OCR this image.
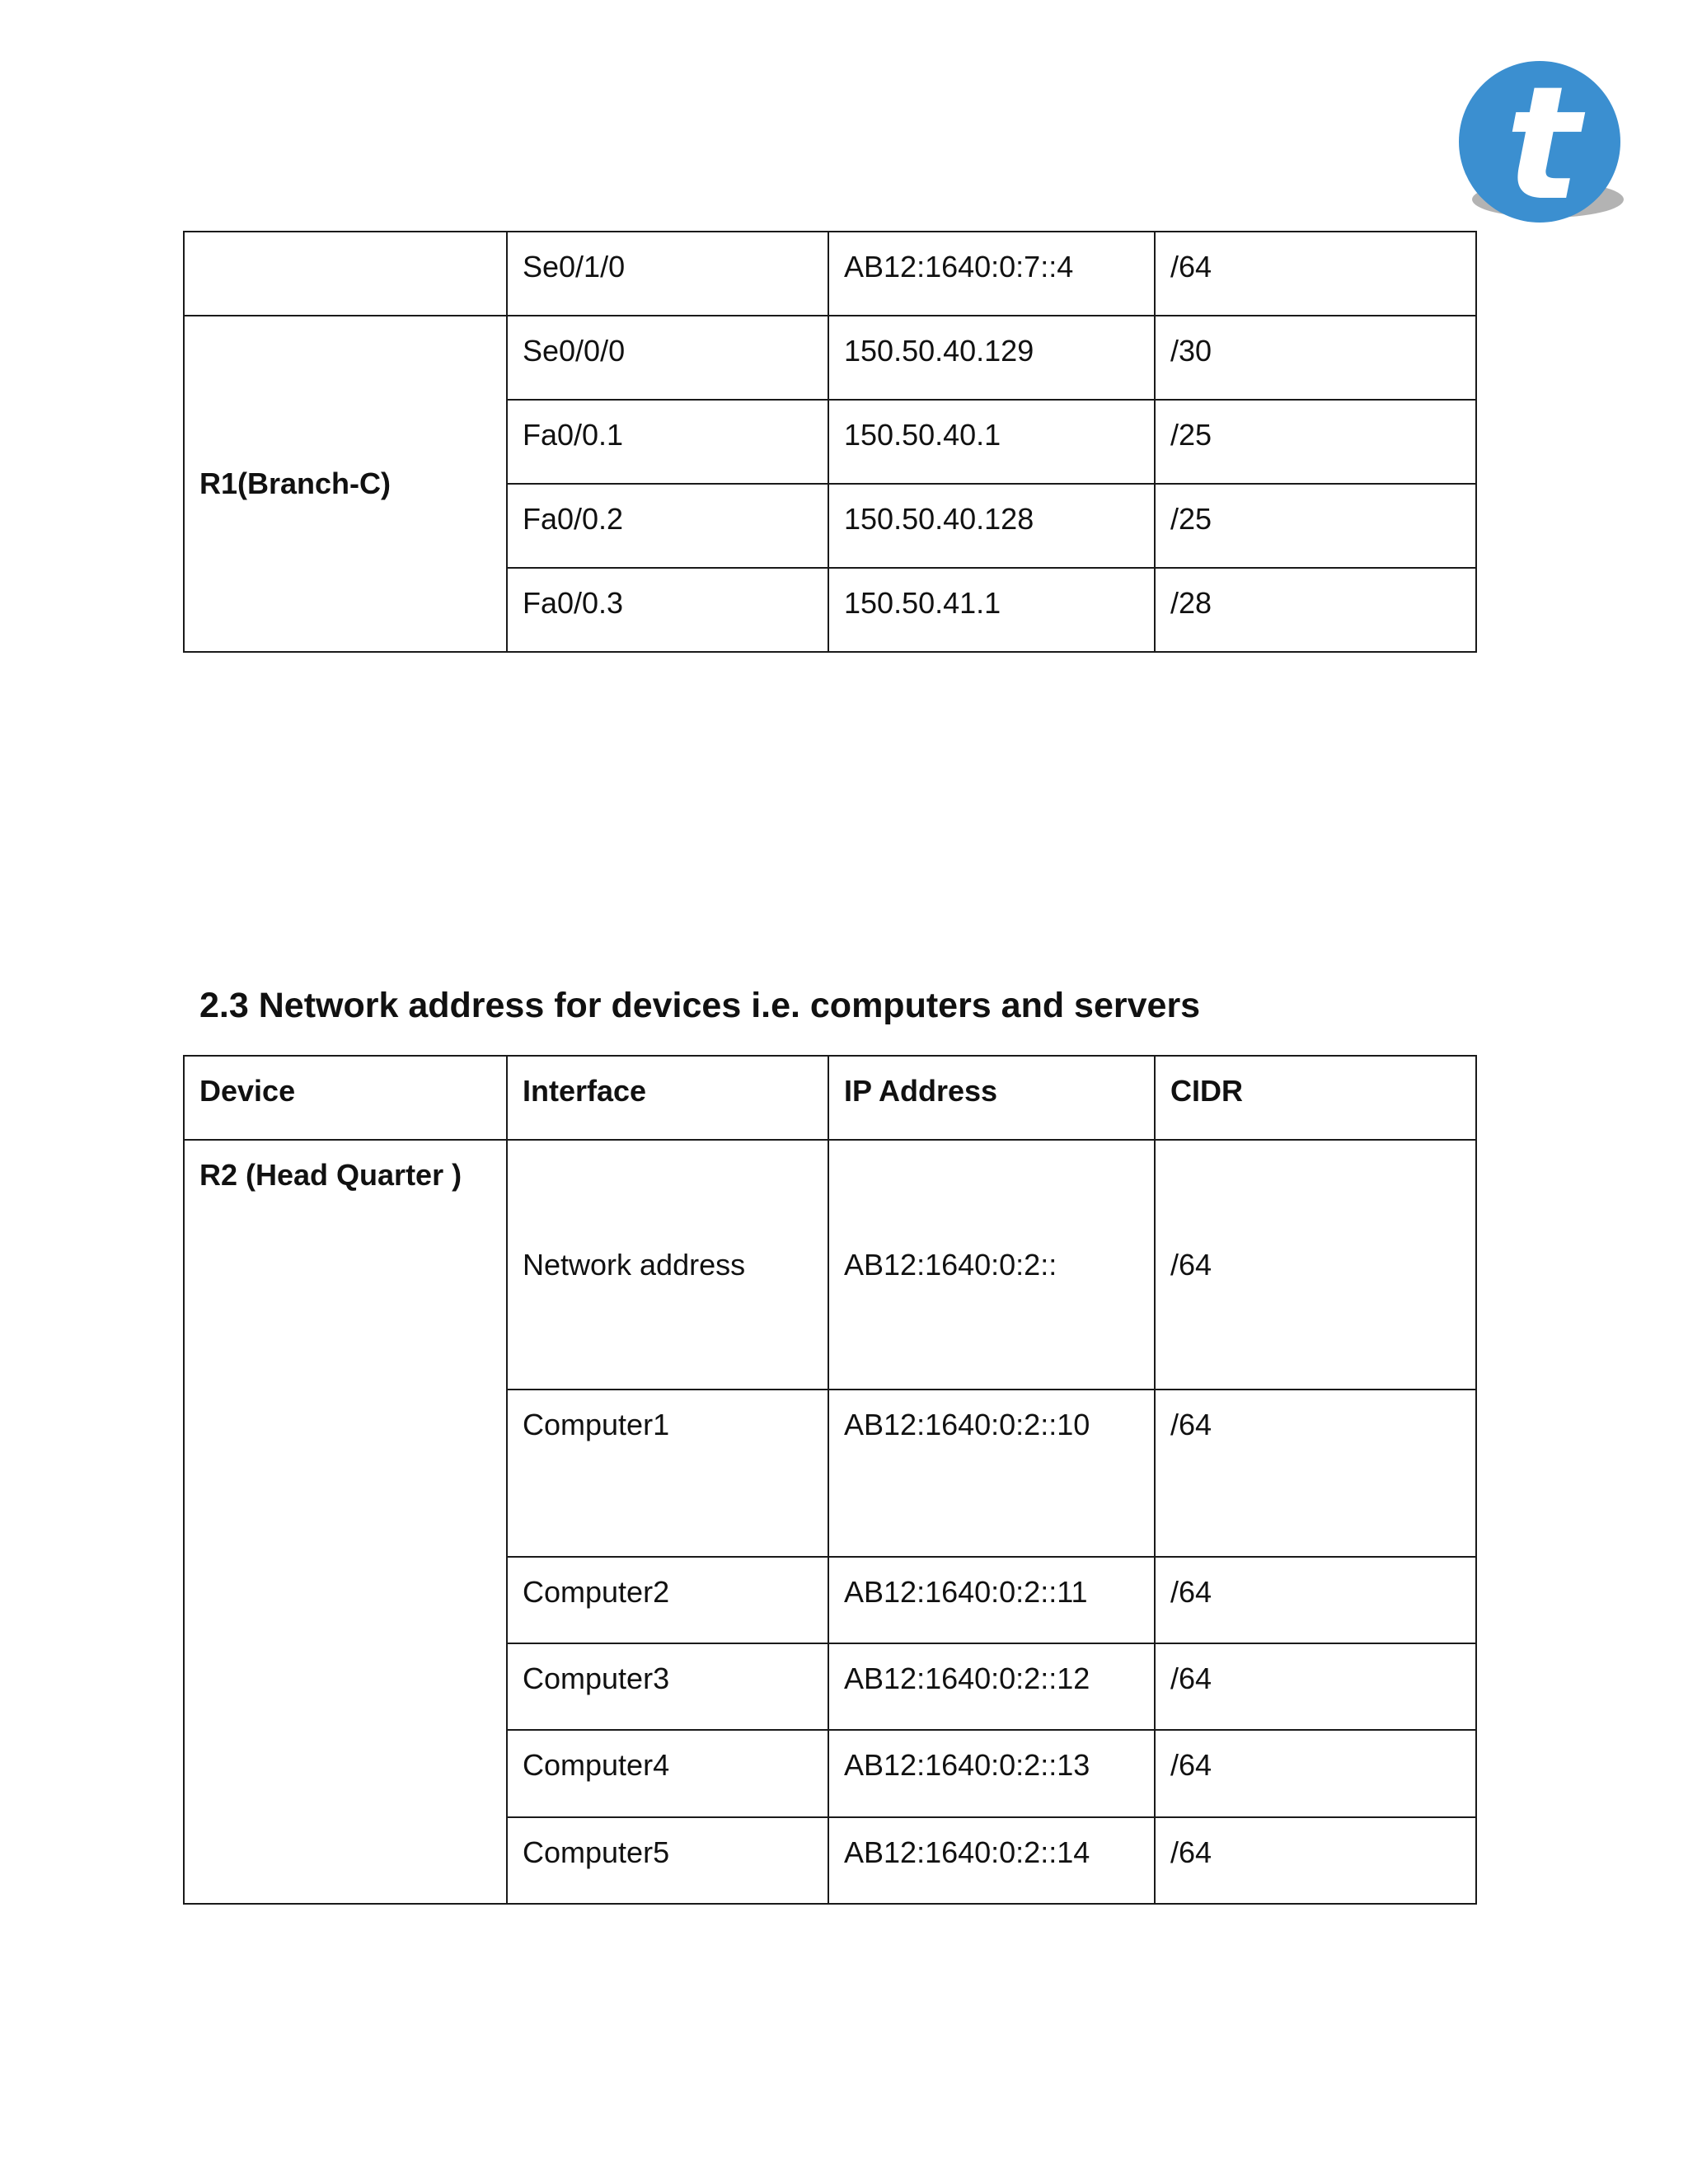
t
	Se0/1/0	AB12:1640:0:7::4	/64
R1(Branch-C)	Se0/0/0	150.50.40.129	/30
	Fa0/0.1	150.50.40.1	/25
	Fa0/0.2	150.50.40.128	/25
	Fa0/0.3	150.50.41.1	/28
2.3 Network address for devices i.e. computers and servers
Device	Interface	IP Address	CIDR
R2 (Head Quarter )	Network address	AB12:1640:0:2::	/64
	Computer1	AB12:1640:0:2::10	/64
	Computer2	AB12:1640:0:2::11	/64
	Computer3	AB12:1640:0:2::12	/64
	Computer4	AB12:1640:0:2::13	/64
	Computer5	AB12:1640:0:2::14	/64
